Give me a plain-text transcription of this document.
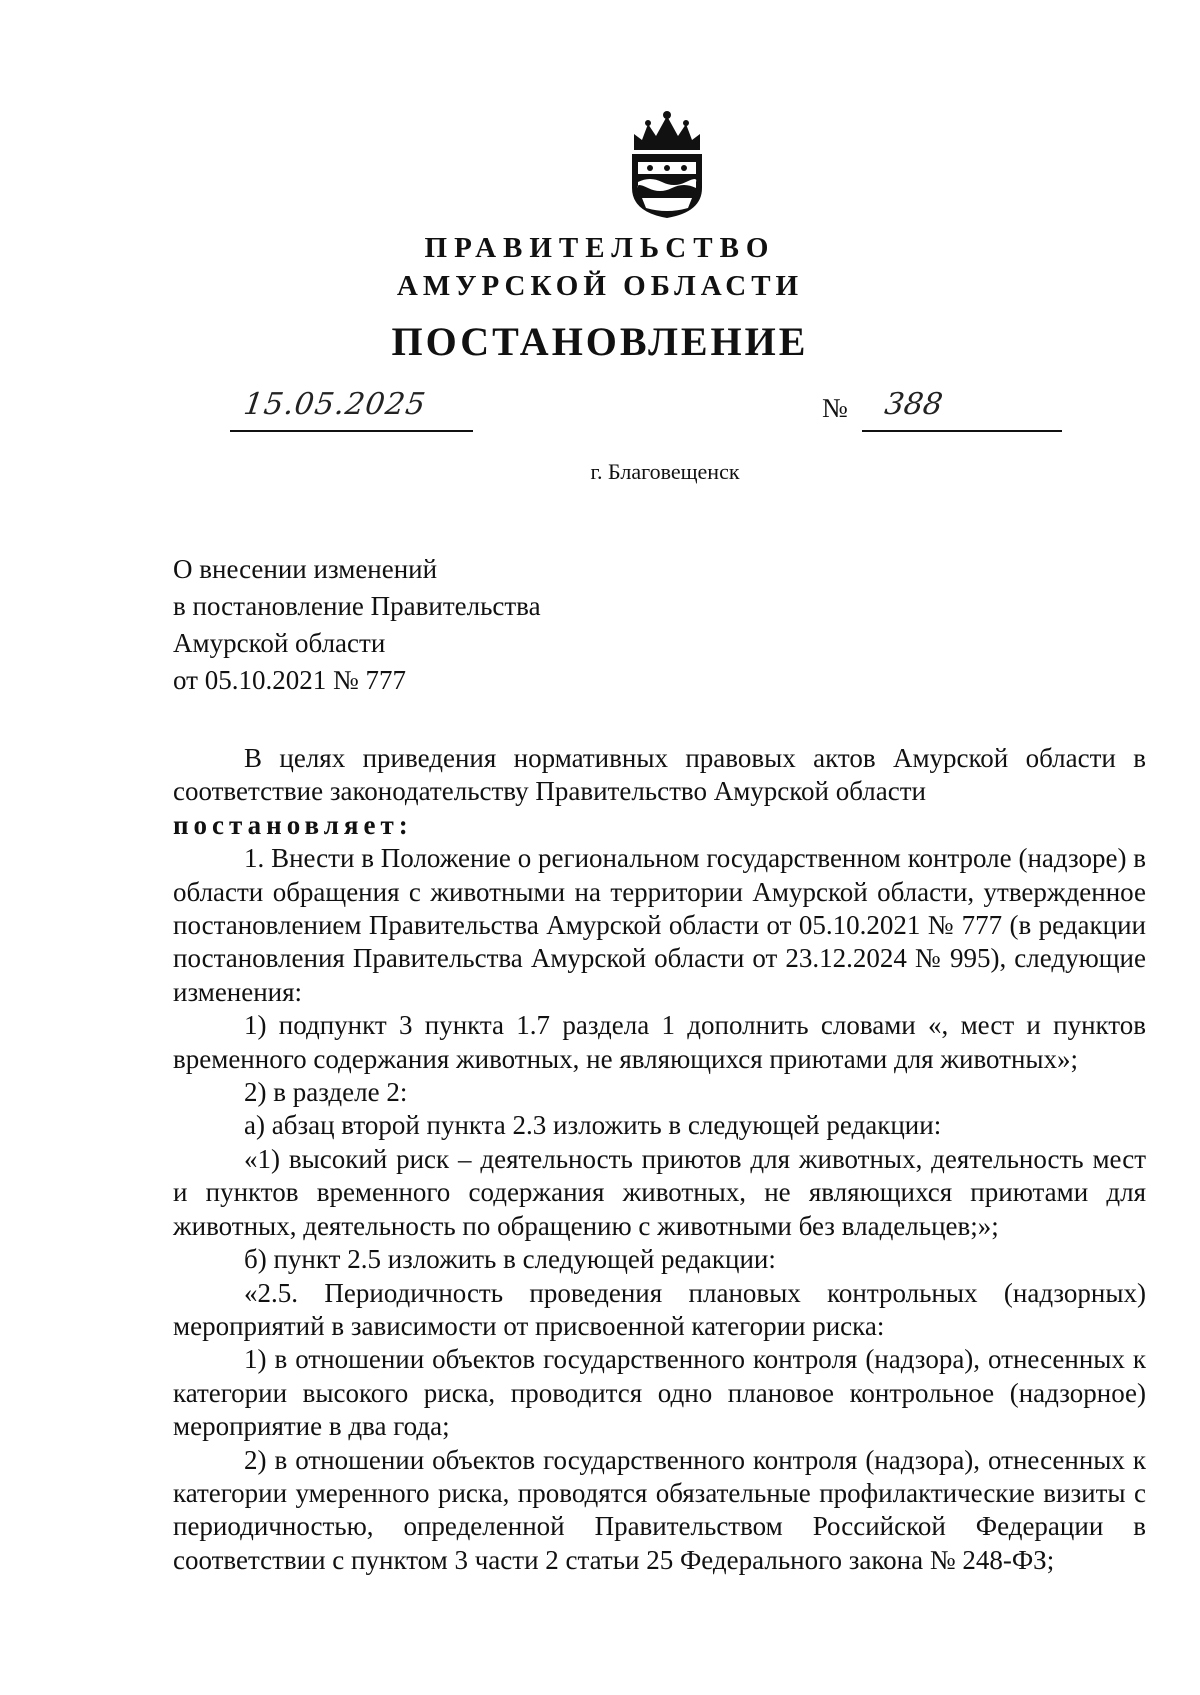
ПРАВИТЕЛЬСТВО
АМУРСКОЙ ОБЛАСТИ
ПОСТАНОВЛЕНИЕ
15.05.2025	№ 388
г. Благовещенск
О внесении изменений
в постановление Правительства
Амурской области
от 05.10.2021 № 777

В целях приведения нормативных правовых актов Амурской области в соответствие законодательству Правительство Амурской области

постановляет:

1. Внести в Положение о региональном государственном контроле (надзоре) в области обращения с животными на территории Амурской области, утвержденное постановлением Правительства Амурской области от 05.10.2021 № 777 (в редакции постановления Правительства Амурской области от 23.12.2024 № 995), следующие изменения:

1) подпункт 3 пункта 1.7 раздела 1 дополнить словами «, мест и пунктов временного содержания животных, не являющихся приютами для животных»;

2) в разделе 2:

а) абзац второй пункта 2.3 изложить в следующей редакции:

«1) высокий риск – деятельность приютов для животных, деятельность мест и пунктов временного содержания животных, не являющихся приютами для животных, деятельность по обращению с животными без владельцев;»;

б) пункт 2.5 изложить в следующей редакции:

«2.5. Периодичность проведения плановых контрольных (надзорных) мероприятий в зависимости от присвоенной категории риска:

1) в отношении объектов государственного контроля (надзора), отнесенных к категории высокого риска, проводится одно плановое контрольное (надзорное) мероприятие в два года;

2) в отношении объектов государственного контроля (надзора), отнесенных к категории умеренного риска, проводятся обязательные профилактические визиты с периодичностью, определенной Правительством Российской Федерации в соответствии с пунктом 3 части 2 статьи 25 Федерального закона № 248-ФЗ;
